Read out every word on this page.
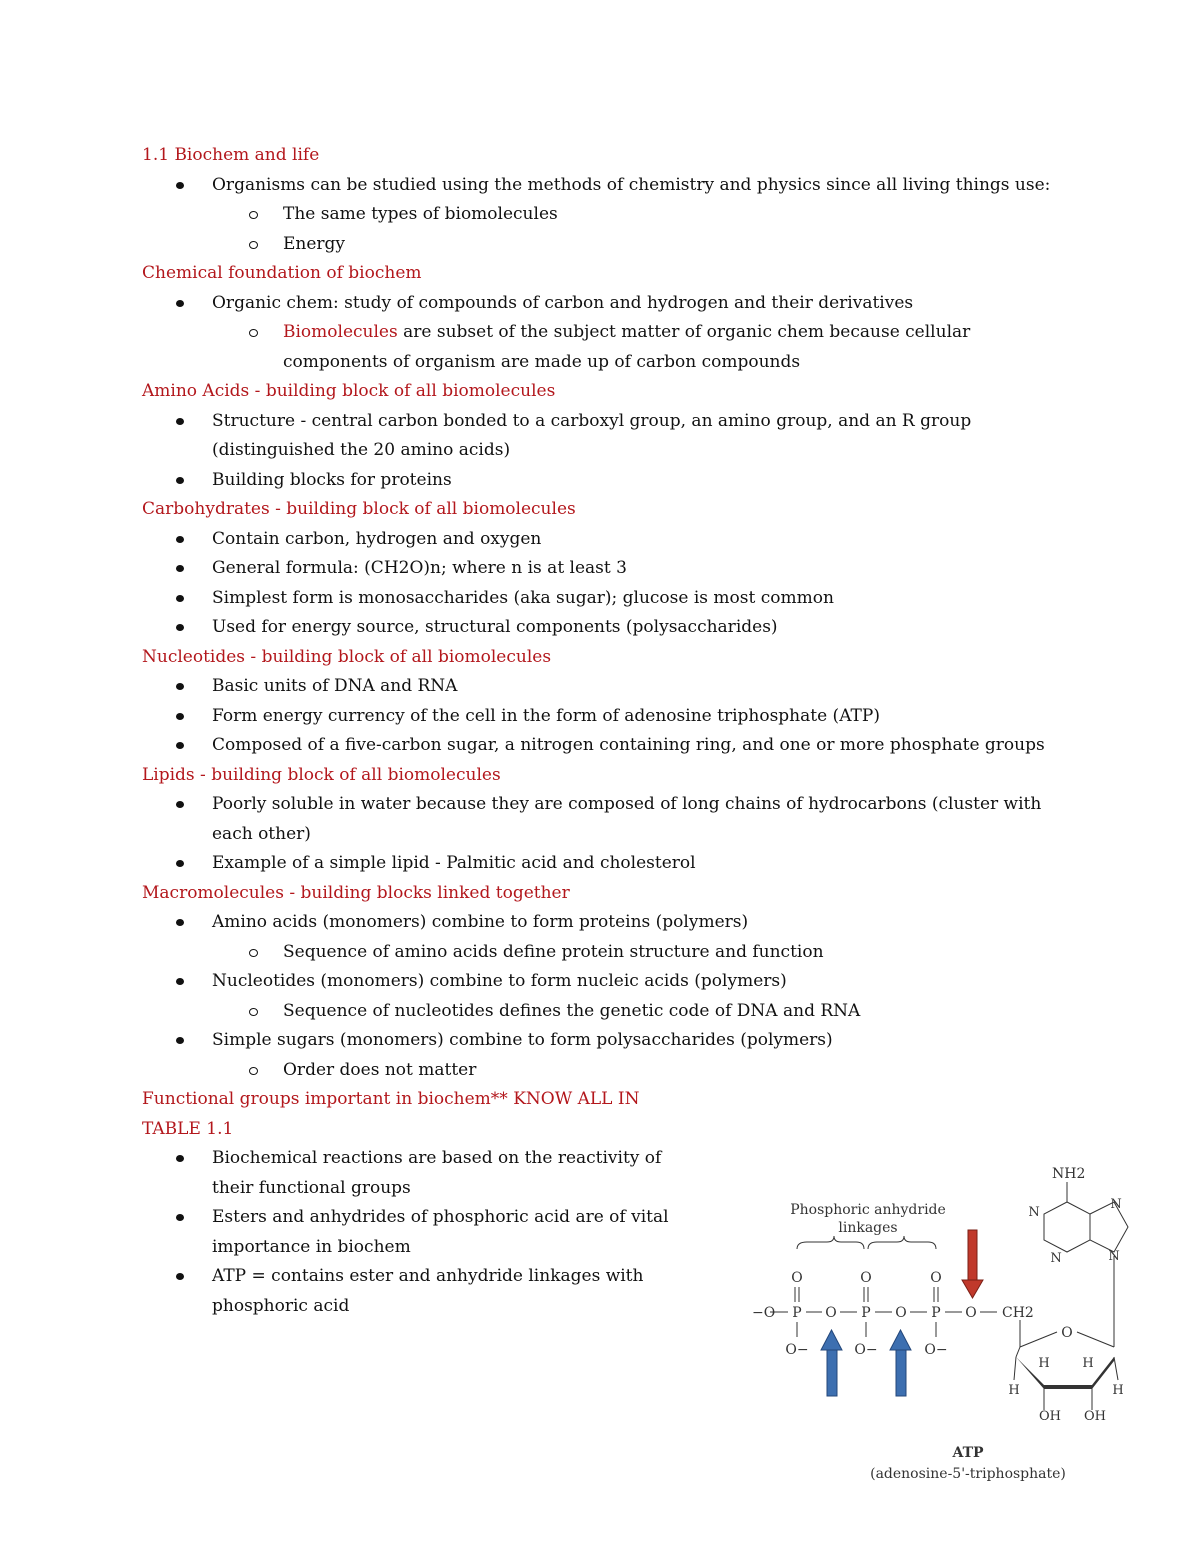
1.1 Biochem and life
Organisms can be studied using the methods of chemistry and physics since all living things use:
The same types of biomolecules
Energy
Chemical foundation of biochem
Organic chem: study of compounds of carbon and hydrogen and their derivatives
Biomolecules are subset of the subject matter of organic chem because cellular components of organism are made up of carbon compounds
Amino Acids - building block of all biomolecules
Structure - central carbon bonded to a carboxyl group, an amino group, and an R group (distinguished the 20 amino acids)
Building blocks for proteins
Carbohydrates - building block of all biomolecules
Contain carbon, hydrogen and oxygen
General formula: (CH2O)n; where n is at least 3
Simplest form is monosaccharides (aka sugar); glucose is most common
Used for energy source, structural components (polysaccharides)
Nucleotides - building block of all biomolecules
Basic units of DNA and RNA
Form energy currency of the cell in the form of adenosine triphosphate (ATP)
Composed of a five-carbon sugar, a nitrogen containing ring, and one or more phosphate groups
Lipids - building block of all biomolecules
Poorly soluble in water because they are composed of long chains of hydrocarbons (cluster with each other)
Example of a simple lipid - Palmitic acid and cholesterol
Macromolecules - building blocks linked together
Amino acids (monomers) combine to form proteins (polymers)
Sequence of amino acids define protein structure and function
Nucleotides (monomers) combine to form nucleic acids (polymers)
Sequence of nucleotides defines the genetic code of DNA and RNA
Simple sugars (monomers) combine to form polysaccharides (polymers)
Order does not matter
Functional groups important in biochem** KNOW ALL IN
TABLE 1.1
Biochemical reactions are based on the reactivity of their functional groups
Esters and anhydrides of phosphoric acid are of vital importance in biochem
ATP = contains ester and anhydride linkages with phosphoric acid
Phosphoric anhydride
linkages
O	O	O
−O P O P O P O CH2
O−	O−	O−
O
H	H
H	H
OH OH
NH2
N
N
N
N
ATP
(adenosine-5'-triphosphate)
